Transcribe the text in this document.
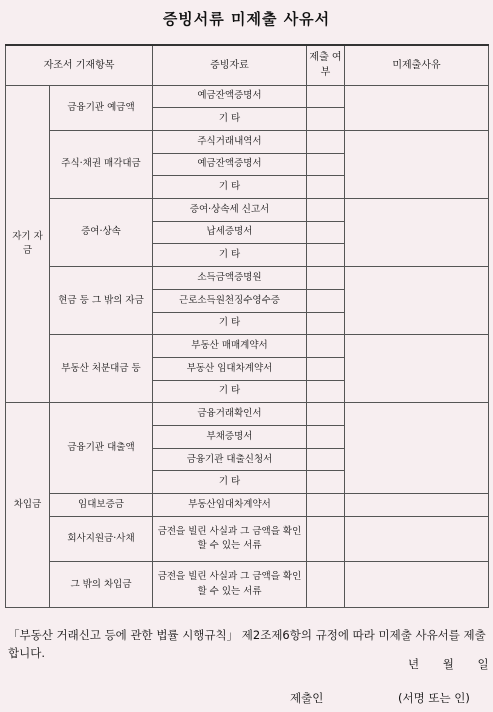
증빙서류 미제출 사유서
자조서 기재항목		증빙자료	제출 여부	미제출사유
자기 자금	금융기관 예금액	예금잔액증명서		
		기 타		
	주식·채권 매각대금	주식거래내역서		
		예금잔액증명서		
		기 타		
	증여·상속	증여·상속세 신고서		
		납세증명서		
		기 타		
	현금 등 그 밖의 자금	소득금액증명원		
		근로소득원천징수영수증		
		기 타		
	부동산 처분대금 등	부동산 매매계약서		
		부동산 임대차계약서		
		기 타		
차입금	금융기관 대출액	금융거래확인서		
		부채증명서		
		금융기관 대출신청서		
		기 타		
	임대보증금	부동산임대차계약서		
	회사지원금·사채	금전을 빌린 사실과 그 금액을 확인할 수 있는 서류		
	그 밖의 차입금	금전을 빌린 사실과 그 금액을 확인할 수 있는 서류		
「부동산 거래신고 등에 관한 법률 시행규칙」 제2조제6항의 규정에 따라 미제출 사유서를 제출합니다.
년 월 일
제출인	(서명 또는 인)
